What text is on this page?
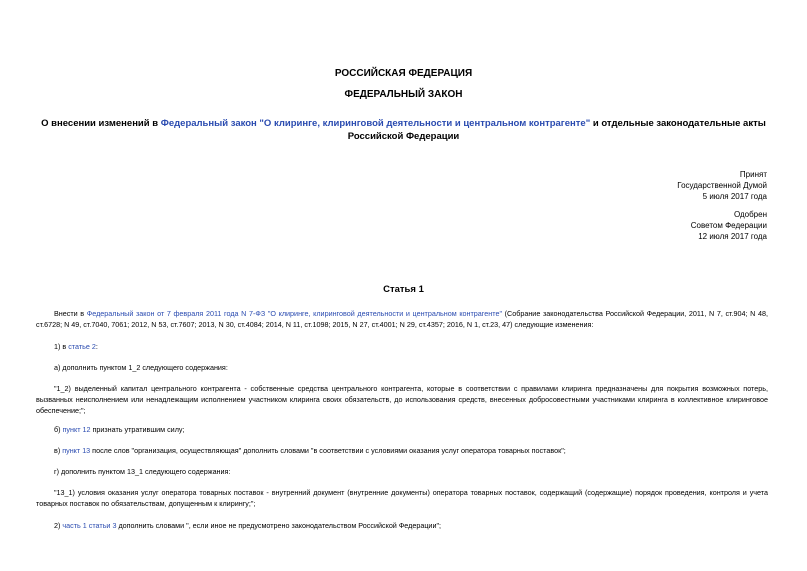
РОССИЙСКАЯ ФЕДЕРАЦИЯ
ФЕДЕРАЛЬНЫЙ ЗАКОН
О внесении изменений в Федеральный закон "О клиринге, клиринговой деятельности и центральном контрагенте" и отдельные законодательные акты Российской Федерации
Принят
Государственной Думой
5 июля 2017 года
Одобрен
Советом Федерации
12 июля 2017 года
Статья 1
Внести в Федеральный закон от 7 февраля 2011 года N 7-ФЗ "О клиринге, клиринговой деятельности и центральном контрагенте" (Собрание законодательства Российской Федерации, 2011, N 7, ст.904; N 48, ст.6728; N 49, ст.7040, 7061; 2012, N 53, ст.7607; 2013, N 30, ст.4084; 2014, N 11, ст.1098; 2015, N 27, ст.4001; N 29, ст.4357; 2016, N 1, ст.23, 47) следующие изменения:
1) в статье 2:
а) дополнить пунктом 1_2 следующего содержания:
"1_2) выделенный капитал центрального контрагента - собственные средства центрального контрагента, которые в соответствии с правилами клиринга предназначены для покрытия возможных потерь, вызванных неисполнением или ненадлежащим исполнением участником клиринга своих обязательств, до использования средств, внесенных добросовестными участниками клиринга в коллективное клиринговое обеспечение;";
б) пункт 12 признать утратившим силу;
в) пункт 13 после слов "организация, осуществляющая" дополнить словами "в соответствии с условиями оказания услуг оператора товарных поставок";
г) дополнить пунктом 13_1 следующего содержания:
"13_1) условия оказания услуг оператора товарных поставок - внутренний документ (внутренние документы) оператора товарных поставок, содержащий (содержащие) порядок проведения, контроля и учета товарных поставок по обязательствам, допущенным к клирингу;";
2) часть 1 статьи 3 дополнить словами ", если иное не предусмотрено законодательством Российской Федерации";
